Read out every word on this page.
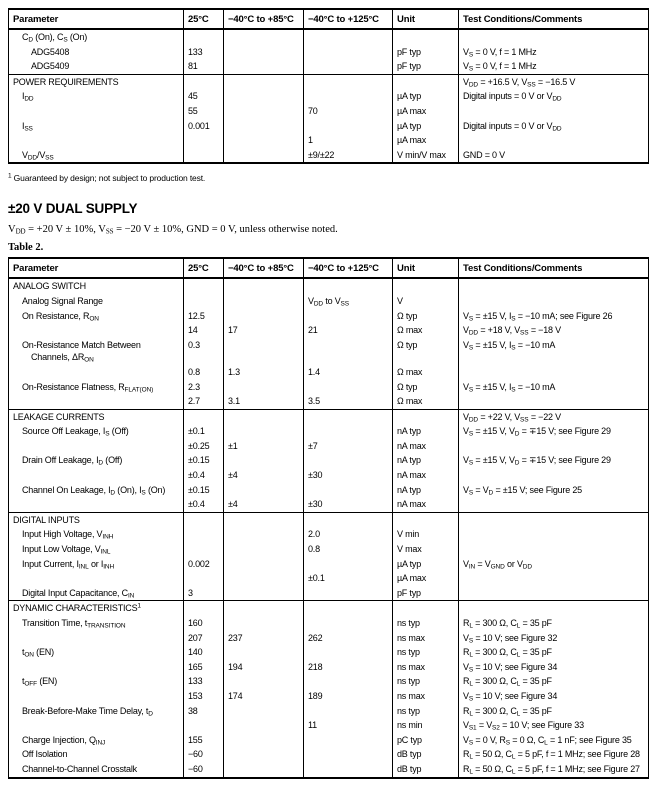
Parameter	25°C	−40°C to +85°C	−40°C to +125°C	Unit	Test Conditions/Comments
$C_D$ (On), $C_S$ (On)					
ADG5408	133			pF typ	$V_S = 0$ V, f = 1 MHz
ADG5409	81			pF typ	$V_S = 0$ V, f = 1 MHz
POWER REQUIREMENTS					$V_{DD} = +16.5$ V, $V_{SS} = -16.5$ V
$I_{DD}$	45			µA typ	Digital inputs = 0 V or $V_{DD}$
	55		70	µA max	
$I_{SS}$	0.001			µA typ	Digital inputs = 0 V or $V_{DD}$
			1	µA max	
$V_{DD}/V_{SS}$			±9/±22	V min/V max	GND = 0 V
$^1$ Guaranteed by design; not subject to production test.
±20 V DUAL SUPPLY
$V_{DD} = +20$ V ± 10%, $V_{SS} = -20$ V ± 10%, GND = 0 V, unless otherwise noted.
Table 2.
Parameter	25°C	−40°C to +85°C	−40°C to +125°C	Unit	Test Conditions/Comments
ANALOG SWITCH					
Analog Signal Range			$V_{DD}$ to $V_{SS}$	V	
On Resistance, $R_{ON}$	12.5			Ω typ	$V_S = \pm 15$ V, $I_S = -10$ mA; see Figure 26
	14	17	21	Ω max	$V_{DD} = +18$ V, $V_{SS} = -18$ V
On-Resistance Match Between Channels, $\Delta R_{ON}$	0.3			Ω typ	$V_S = \pm 15$ V, $I_S = -10$ mA
	0.8	1.3	1.4	Ω max	
On-Resistance Flatness, $R_{FLAT(ON)}$	2.3			Ω typ	$V_S = \pm 15$ V, $I_S = -10$ mA
	2.7	3.1	3.5	Ω max	
LEAKAGE CURRENTS					$V_{DD} = +22$ V, $V_{SS} = -22$ V
Source Off Leakage, $I_S$ (Off)	±0.1			nA typ	$V_S = \pm 15$ V, $V_D = \mp 15$ V; see Figure 29
	±0.25	±1	±7	nA max	
Drain Off Leakage, $I_D$ (Off)	±0.15			nA typ	$V_S = \pm 15$ V, $V_D = \mp 15$ V; see Figure 29
	±0.4	±4	±30	nA max	
Channel On Leakage, $I_D$ (On), $I_S$ (On)	±0.15			nA typ	$V_S = V_D = \pm 15$ V; see Figure 25
	±0.4	±4	±30	nA max	
DIGITAL INPUTS					
Input High Voltage, $V_{INH}$			2.0	V min	
Input Low Voltage, $V_{INL}$			0.8	V max	
Input Current, $I_{INL}$ or $I_{INH}$	0.002			µA typ	$V_{IN} = V_{GND}$ or $V_{DD}$
			±0.1	µA max	
Digital Input Capacitance, $C_{IN}$	3			pF typ	
DYNAMIC CHARACTERISTICS$^1$					
Transition Time, $t_{TRANSITION}$	160			ns typ	$R_L = 300$ Ω, $C_L = 35$ pF
	207	237	262	ns max	$V_S = 10$ V; see Figure 32
$t_{ON}$ (EN)	140			ns typ	$R_L = 300$ Ω, $C_L = 35$ pF
	165	194	218	ns max	$V_S = 10$ V; see Figure 34
$t_{OFF}$ (EN)	133			ns typ	$R_L = 300$ Ω, $C_L = 35$ pF
	153	174	189	ns max	$V_S = 10$ V; see Figure 34
Break-Before-Make Time Delay, $t_D$	38			ns typ	$R_L = 300$ Ω, $C_L = 35$ pF
			11	ns min	$V_{S1} = V_{S2} = 10$ V; see Figure 33
Charge Injection, $Q_{INJ}$	155			pC typ	$V_S = 0$ V, $R_S = 0$ Ω, $C_L = 1$ nF; see Figure 35
Off Isolation	−60			dB typ	$R_L = 50$ Ω, $C_L = 5$ pF, f = 1 MHz; see Figure 28
Channel-to-Channel Crosstalk	−60			dB typ	$R_L = 50$ Ω, $C_L = 5$ pF, f = 1 MHz; see Figure 27
